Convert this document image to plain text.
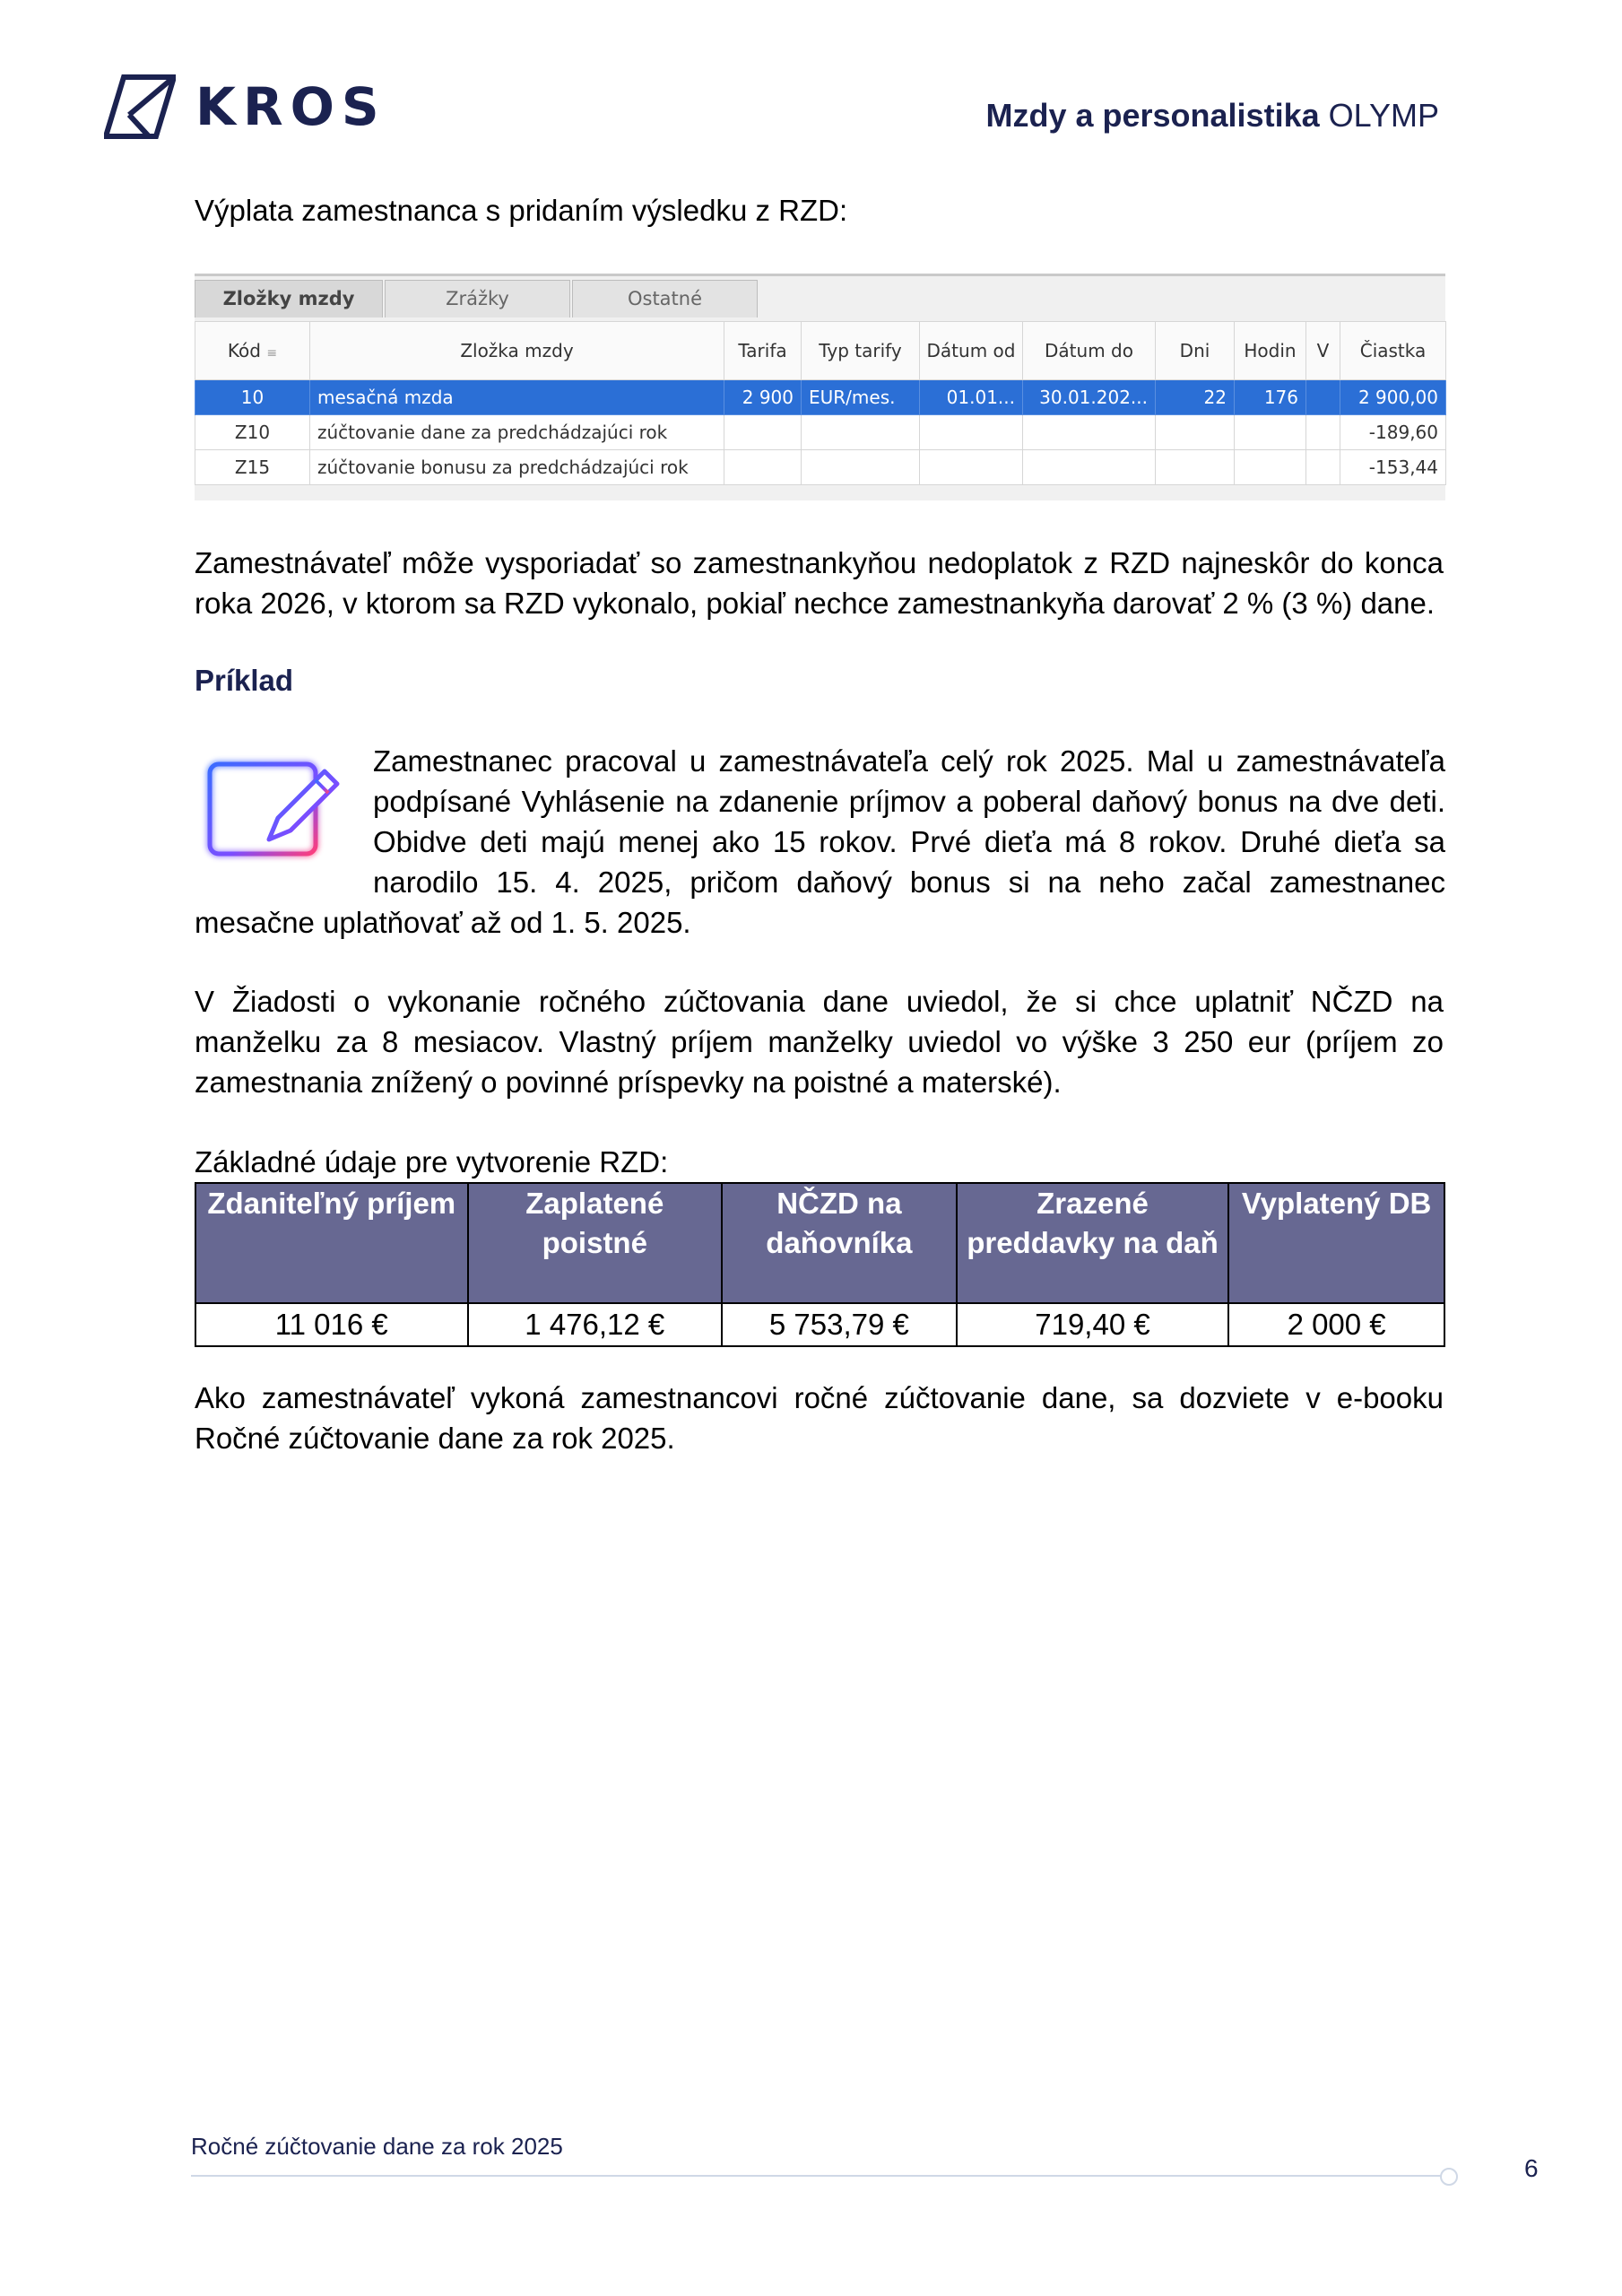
KROS	Mzdy a personalistika OLYMP
Výplata zamestnanca s pridaním výsledku z RZD:
Zložky mzdy	Zrážky	Ostatné
Kód ≡	Zložka mzdy	Tarifa	Typ tarify	Dátum od	Dátum do	Dni	Hodin	V	Čiastka
10	mesačná mzda	2 900	EUR/mes.	01.01...	30.01.202...	22	176		2 900,00
Z10	zúčtovanie dane za predchádzajúci rok								-189,60
Z15	zúčtovanie bonusu za predchádzajúci rok								-153,44
Zamestnávateľ môže vysporiadať so zamestnankyňou nedoplatok z RZD najneskôr do konca roka 2026, v ktorom sa RZD vykonalo, pokiaľ nechce zamestnankyňa darovať 2 % (3 %) dane.
Príklad
Zamestnanec pracoval u zamestnávateľa celý rok 2025. Mal u zamestnávateľa
podpísané Vyhlásenie na zdanenie príjmov a poberal daňový bonus na dve deti.
Obidve deti majú menej ako 15 rokov. Prvé dieťa má 8 rokov. Druhé dieťa sa
narodilo 15. 4. 2025, pričom daňový bonus si na neho začal zamestnanec
mesačne uplatňovať až od 1. 5. 2025.
V Žiadosti o vykonanie ročného zúčtovania dane uviedol, že si chce uplatniť NČZD na manželku za 8 mesiacov. Vlastný príjem manželky uviedol vo výške 3 250 eur (príjem zo zamestnania znížený o povinné príspevky na poistné a materské).
Základné údaje pre vytvorenie RZD:
Zdaniteľný príjem	Zaplatené poistné	NČZD na daňovníka	Zrazené preddavky na daň	Vyplatený DB
11 016 €	1 476,12 €	5 753,79 €	719,40 €	2 000 €
Ako zamestnávateľ vykoná zamestnancovi ročné zúčtovanie dane, sa dozviete v e-booku Ročné zúčtovanie dane za rok 2025.
Ročné zúčtovanie dane za rok 2025
6
